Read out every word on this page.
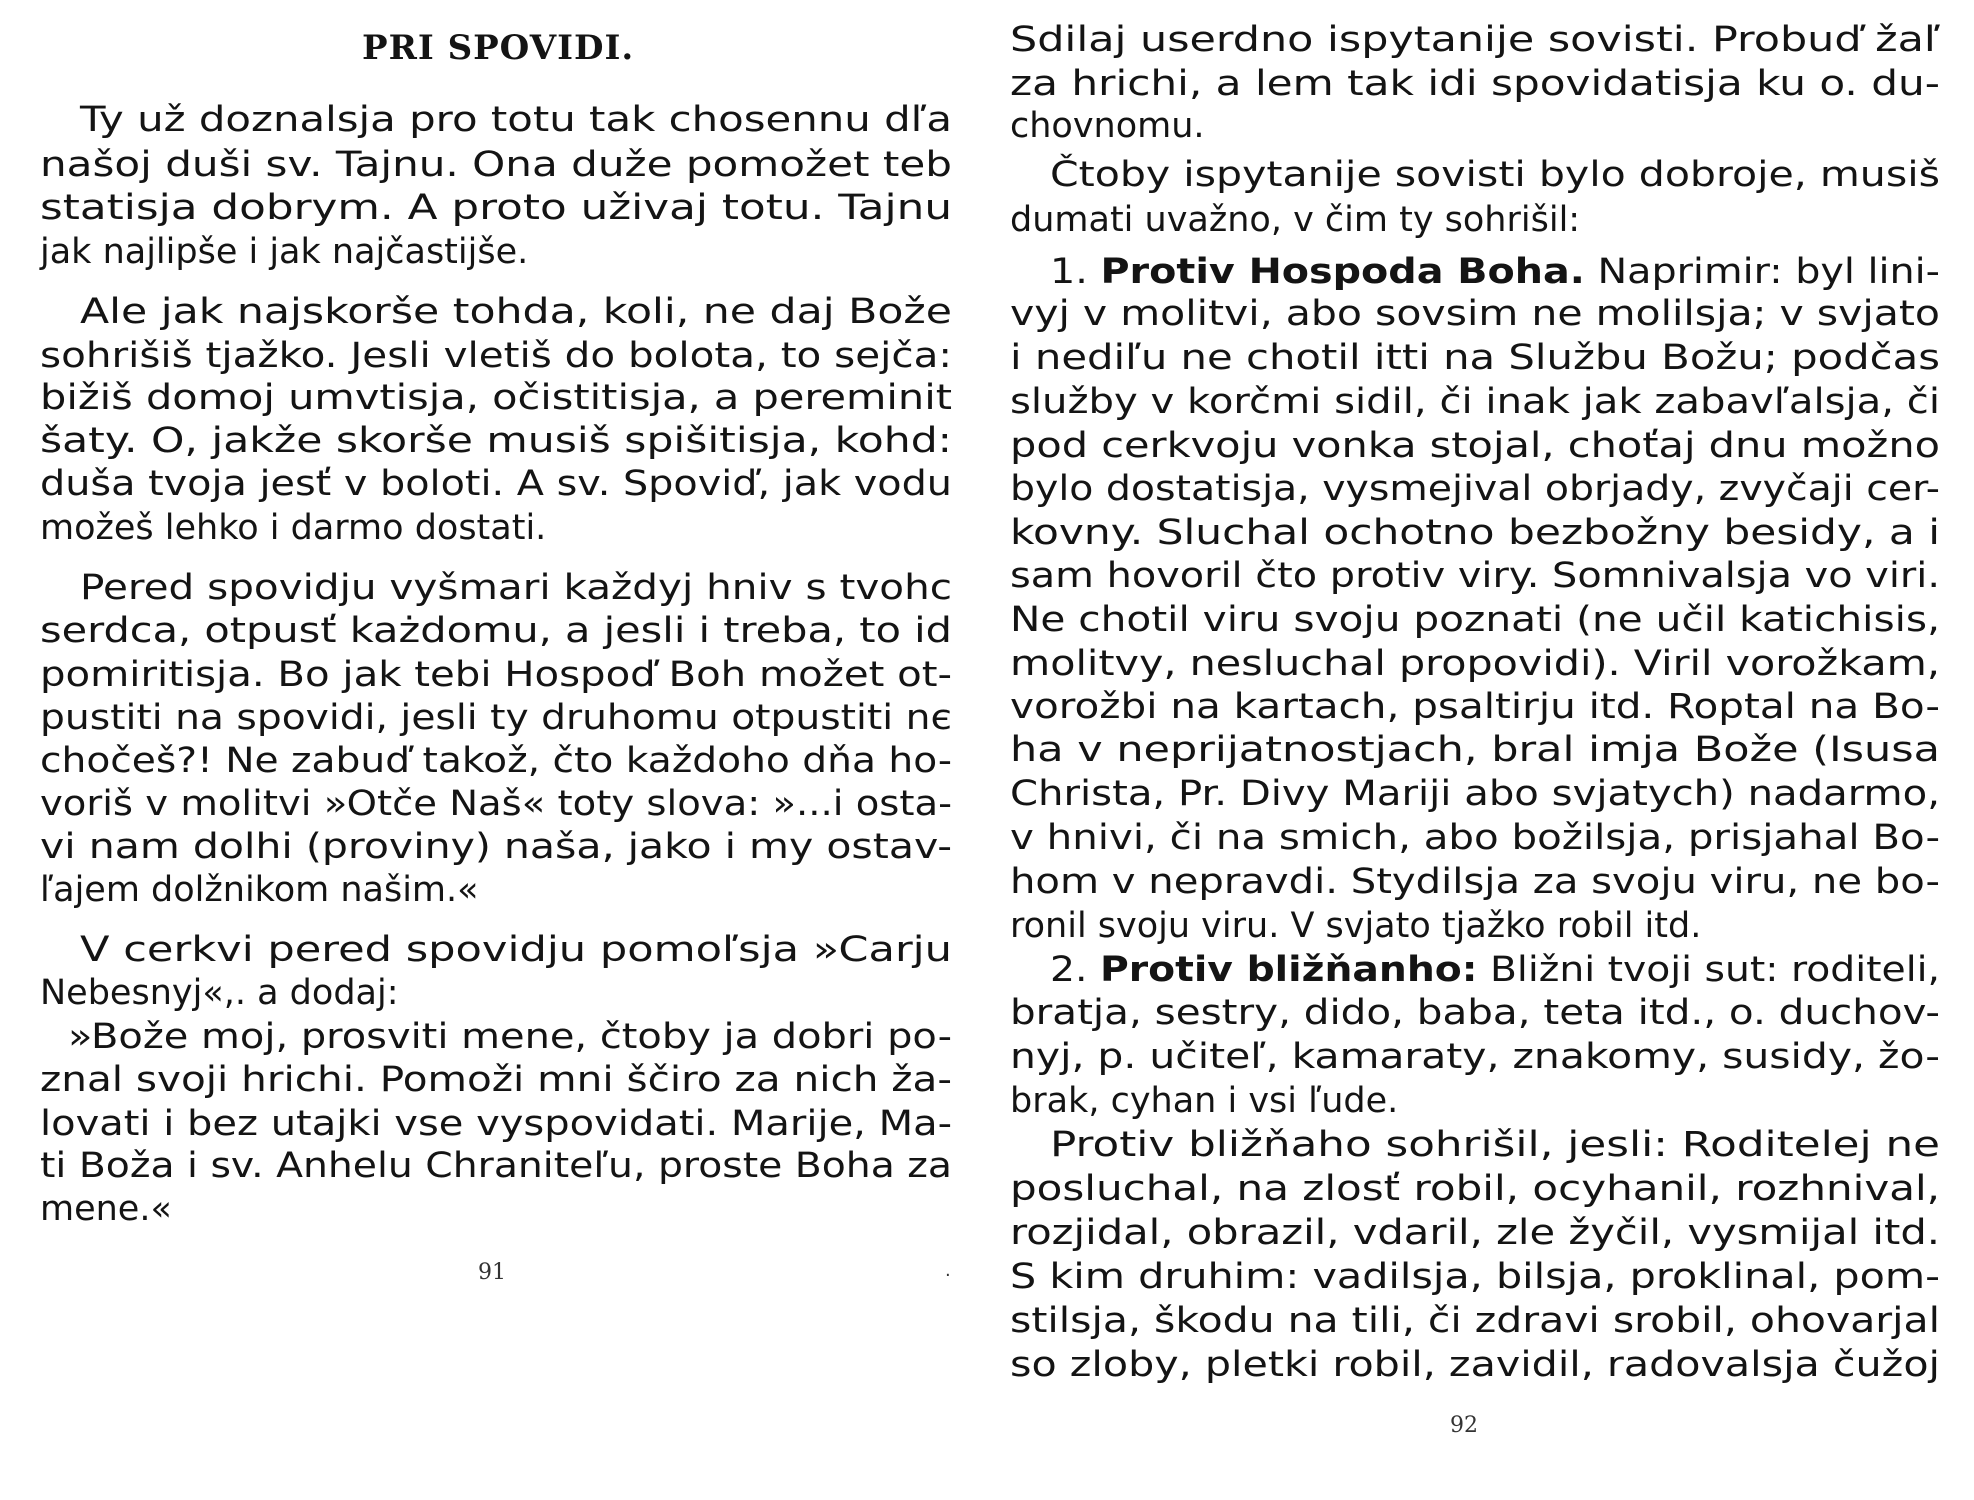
PRI SPOVIDI.
Ty už doznalsja pro totu tak chosennu dľa
našoj duši sv. Tajnu. Ona duže pomožet teb
statisja dobrym. A proto uživaj totu. Tajnu
jak najlipše i jak najčastijše.
Ale jak najskorše tohda, koli, ne daj Bože
sohrišiš tjažko. Jesli vletiš do bolota, to sejča:
bižiš domoj umvtisja, očistitisja, a pereminit
šaty. O, jakže skorše musiš spišitisja, kohd:
duša tvoja jesť v boloti. A sv. Spoviď, jak vodu
možeš lehko i darmo dostati.
Pered spovidju vyšmari každyj hniv s tvohc
serdca, otpusť każdomu, a jesli i treba, to id
pomiritisja. Bo jak tebi Hospoď Boh možet ot-
pustiti na spovidi, jesli ty druhomu otpustiti nє
chočeš?! Ne zabuď takož, čto každoho dňa ho-
voriš v molitvi »Otče Naš« toty slova: »...i osta-
vi nam dolhi (proviny) naša, jako i my ostav-
ľajem dolžnikom našim.«
V cerkvi pered spovidju pomoľsja »Carju
Nebesnyj«,. a dodaj:
»Bože moj, prosviti mene, čtoby ja dobri po-
znal svoji hrichi. Pomoži mni ščiro za nich ža-
lovati i bez utajki vse vyspovidati. Marije, Ma-
ti Boža i sv. Anhelu Chraniteľu, proste Boha za
mene.«
91	·
Sdilaj userdno ispytanije sovisti. Probuď žaľ
za hrichi, a lem tak idi spovidatisja ku o. du-
chovnomu.
Čtoby ispytanije sovisti bylo dobroje, musiš
dumati uvažno, v čim ty sohrišil:
1. Protiv Hospoda Boha. Naprimir: byl lini-
vyj v molitvi, abo sovsim ne molilsja; v svjato
i nediľu ne chotil itti na Službu Božu; podčas
služby v korčmi sidil, či inak jak zabavľalsja, či
pod cerkvoju vonka stojal, choťaj dnu možno
bylo dostatisja, vysmejival obrjady, zvyčaji cer-
kovny. Sluchal ochotno bezbožny besidy, a i
sam hovoril čto protiv viry. Somnivalsja vo viri.
Ne chotil viru svoju poznati (ne učil katichisis,
molitvy, nesluchal propovidi). Viril vorožkam,
vorožbi na kartach, psaltirju itd. Roptal na Bo-
ha v neprijatnostjach, bral imja Bože (Isusa
Christa, Pr. Divy Mariji abo svjatych) nadarmo,
v hnivi, či na smich, abo božilsja, prisjahal Bo-
hom v nepravdi. Stydilsja za svoju viru, ne bo-
ronil svoju viru. V svjato tjažko robil itd.
2. Protiv bližňanho: Bližni tvoji sut: roditeli,
bratja, sestry, dido, baba, teta itd., o. duchov-
nyj, p. učiteľ, kamaraty, znakomy, susidy, žo-
brak, cyhan i vsi ľude.
Protiv bližňaho sohrišil, jesli: Roditelej ne
posluchal, na zlosť robil, ocyhanil, rozhnival,
rozjidal, obrazil, vdaril, zle žyčil, vysmijal itd.
S kim druhim: vadilsja, bilsja, proklinal, pom-
stilsja, škodu na tili, či zdravi srobil, ohovarjal
so zloby, pletki robil, zavidil, radovalsja čužoj
92
